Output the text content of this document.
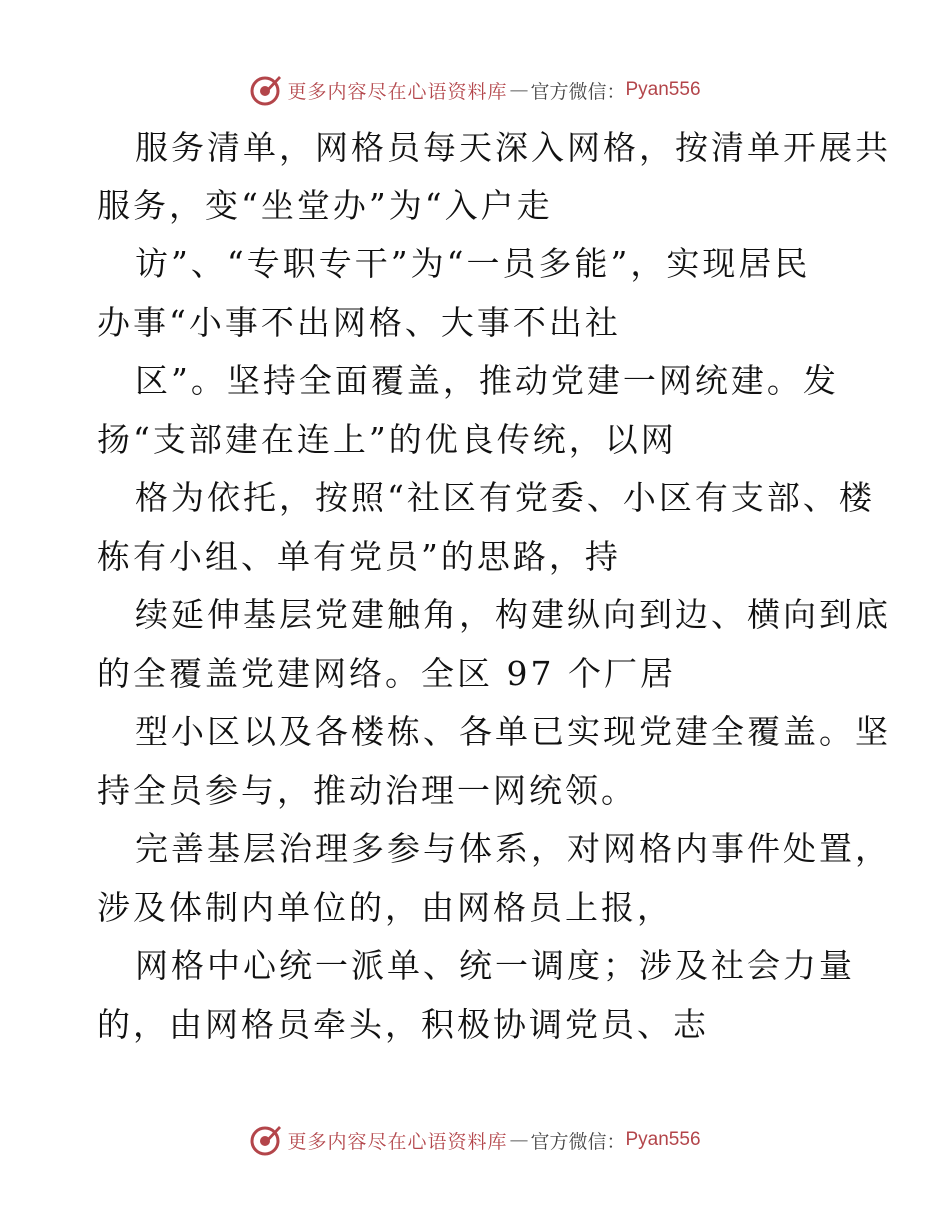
更多内容尽在心语资料库 — 官方微信： Pyan556
服务清单，网格员每天深入网格，按清单开展共
服务，变“坐堂办”为“入户走
访”、“专职专干”为“一员多能”，实现居民
办事“小事不出网格、大事不出社
区”。坚持全面覆盖，推动党建一网统建。发
扬“支部建在连上”的优良传统，以网
格为依托，按照“社区有党委、小区有支部、楼
栋有小组、单有党员”的思路，持
续延伸基层党建触角，构建纵向到边、横向到底
的全覆盖党建网络。全区 97 个厂居
型小区以及各楼栋、各单已实现党建全覆盖。坚
持全员参与，推动治理一网统领。
完善基层治理多参与体系，对网格内事件处置，
涉及体制内单位的，由网格员上报，
网格中心统一派单、统一调度；涉及社会力量
的，由网格员牵头，积极协调党员、志
更多内容尽在心语资料库 — 官方微信： Pyan556
